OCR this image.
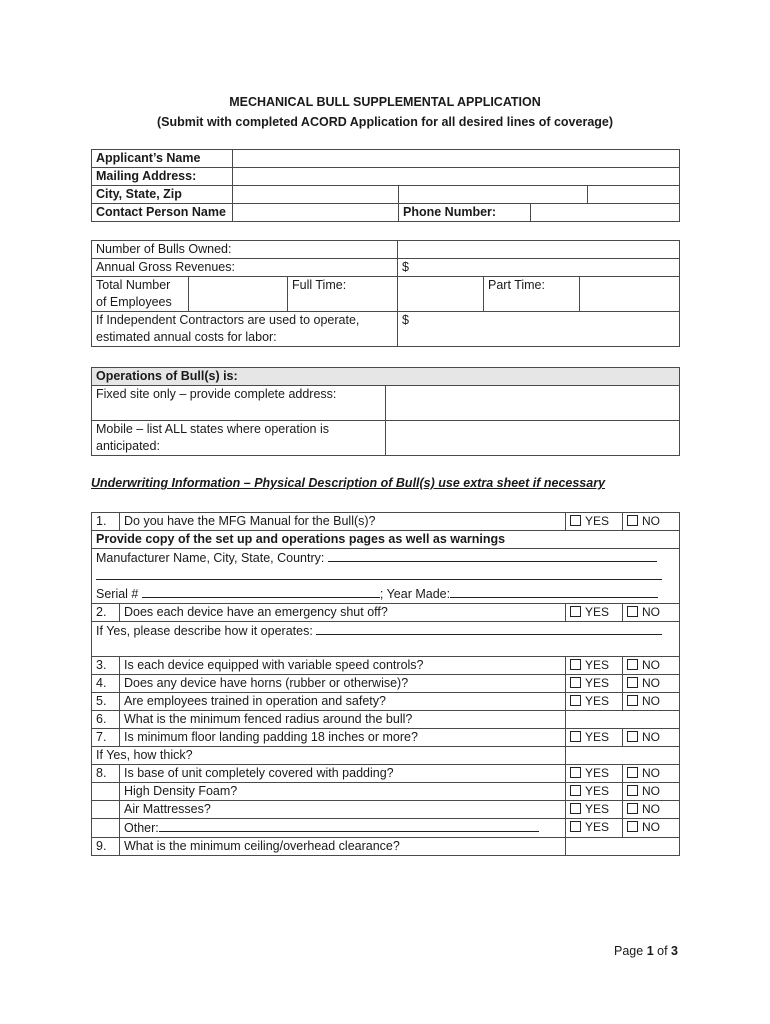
MECHANICAL BULL SUPPLEMENTAL APPLICATION
(Submit with completed ACORD Application for all desired lines of coverage)
Applicant’s Name				
Mailing Address:				
City, State, Zip				
Contact Person Name		Phone Number:		
Number of Bulls Owned:					
Annual Gross Revenues:			$		

Total Number
of Employees		Full Time:		Part Time:	

If Independent Contractors are used to operate,
estimated annual costs for labor:			$		
Operations of Bull(s) is:	
Fixed site only – provide complete address:	

Mobile – list ALL states where operation is
anticipated:	

Underwriting Information – Physical Description of Bull(s) use extra sheet if necessary
1.	Do you have the MFG Manual for the Bull(s)?	YES	NO
Provide copy of the set up and operations pages as well as warnings			

Manufacturer Name, City, State, Country:
Serial # ; Year Made:			

2.	Does each device have an emergency shut off?	YES	NO
If Yes, please describe how it operates:			
3.	Is each device equipped with variable speed controls?	YES	NO
4.	Does any device have horns (rubber or otherwise)?	YES	NO
5.	Are employees trained in operation and safety?	YES	NO
6.	What is the minimum fenced radius around the bull?		
7.	Is minimum floor landing padding 18 inches or more?	YES	NO
If Yes, how thick?			
8.	Is base of unit completely covered with padding?	YES	NO
	High Density Foam?	YES	NO
	Air Mattresses?	YES	NO
	Other:	YES	NO
9.	What is the minimum ceiling/overhead clearance?		
Page 1 of 3
